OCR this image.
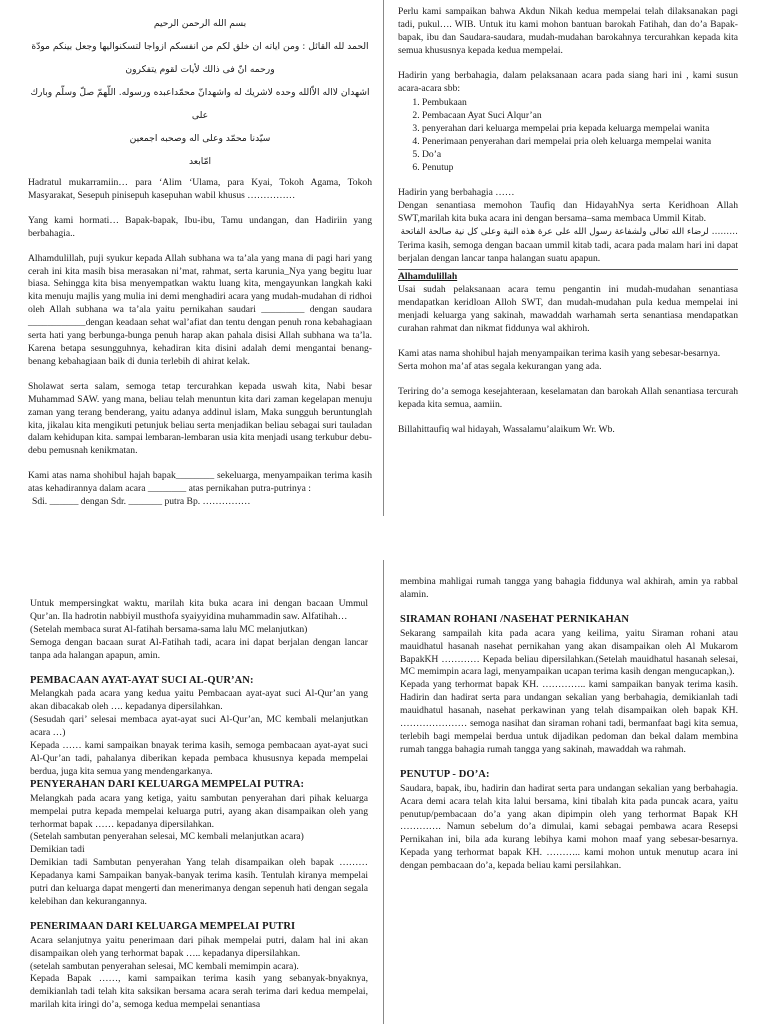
بسم الله الرحمن الرحيم
الحمد لله القائل : ومن اياته ان خلق لكم من انفسكم ازواجا لتسكنواليها وجعل بينكم مودّة
ورحمه انّ فى ذالك لأيات لقوم يتفكرون
اشهدان لااله الاّالله وحده لاشريك له واشهدانّ محمّداعبده ورسوله. اللّهمّ صلّ وسلّم وبارك على
سيّدنا محمّد وعلى اله وصحبه اجمعين
امّابعد

Hadratul mukarramiin… para ‘Alim ‘Ulama, para Kyai, Tokoh Agama, Tokoh Masyarakat, Sesepuh pinisepuh kasepuhan wabil khusus ……………

Yang kami hormati… Bapak-bapak, Ibu-ibu, Tamu undangan, dan Hadiriin yang berbahagia..

Alhamdulillah, puji syukur kepada Allah subhana wa ta’ala yang mana di pagi hari yang cerah ini kita masih bisa merasakan ni’mat, rahmat, serta karunia_Nya yang begitu luar biasa. Sehingga kita bisa menyempatkan waktu luang kita, mengayunkan langkah kaki kita menuju majlis yang mulia ini demi menghadiri acara yang mudah-mudahan di ridhoi oleh Allah subhana wa ta’ala yaitu pernikahan saudari _________ dengan saudara ____________dengan keadaan sehat wal’afiat dan tentu dengan penuh rona kebahagiaan serta hati yang berbunga-bunga penuh harap akan pahala disisi Allah subhana wa ta’la. Karena betapa sesungguhnya, kehadiran kita disini adalah demi mengantai benang-benang kebahagiaan baik di dunia terlebih di ahirat kelak.

Sholawat serta salam, semoga tetap tercurahkan kepada uswah kita, Nabi besar Muhammad SAW. yang mana, beliau telah menuntun kita dari zaman kegelapan menuju zaman yang terang benderang, yaitu adanya addinul islam, Maka sungguh beruntunglah kita, jikalau kita mengikuti petunjuk beliau serta menjadikan beliau sebagai suri tauladan dalam kehidupan kita. sampai lembaran-lembaran usia kita menjadi usang terkubur debu-debu pemusnah kenikmatan.

Kami atas nama shohibul hajah bapak________ sekeluarga, menyampaikan terima kasih atas kehadirannya dalam acara ________ atas pernikahan putra-putrinya :

Sdi. ______ dengan Sdr. _______ putra Bp. ……………

Perlu kami sampaikan bahwa Akdun Nikah kedua mempelai telah dilaksanakan pagi tadi, pukul…. WIB. Untuk itu kami mohon bantuan barokah Fatihah, dan do’a Bapak-bapak, ibu dan Saudara-saudara, mudah-mudahan barokahnya tercurahkan kepada kita semua khususnya kepada kedua mempelai.

Hadirin yang berbahagia, dalam pelaksanaan acara pada siang hari ini , kami susun acara-acara sbb:

1. Pembukaan
2. Pembacaan Ayat Suci Alqur’an
3. penyerahan dari keluarga mempelai pria kepada keluarga mempelai wanita
4. Penerimaan penyerahan dari mempelai pria oleh keluarga mempelai wanita
5. Do’a
6. Penutup

Hadirin yang berbahagia ……

Dengan senantiasa memohon Taufiq dan HidayahNya serta Keridhoan Allah SWT,marilah kita buka acara ini dengan bersama–sama membaca Ummil Kitab.

……… لرضاء الله تعالى ولشفاعة رسول الله على عرة هذه النية وعلى كل نية صالحة الفاتحة

Terima kasih, semoga dengan bacaan ummil kitab tadi, acara pada malam hari ini dapat berjalan dengan lancar tanpa halangan suatu apapun.

Alhamdulillah

Usai sudah pelaksanaan acara temu pengantin ini mudah-mudahan senantiasa mendapatkan keridloan Alloh SWT, dan mudah-mudahan pula kedua mempelai ini menjadi keluarga yang sakinah, mawaddah warhamah serta senantiasa mendapatkan curahan rahmat dan nikmat fiddunya wal akhiroh.

Kami atas nama shohibul hajah menyampaikan terima kasih yang sebesar-besarnya.

Serta mohon ma’af atas segala kekurangan yang ada.

Teriring do’a semoga kesejahteraan, keselamatan dan barokah Allah senantiasa tercurah kepada kita semua, aamiin.

Billahittaufiq wal hidayah, Wassalamu’alaikum Wr. Wb.

Untuk mempersingkat waktu, marilah kita buka acara ini dengan bacaan Ummul Qur’an. Ila hadrotin nabbiyil musthofa syaiyyidina muhammadin saw. Alfatihah…

(Setelah membaca surat Al-fatihah bersama-sama lalu MC melanjutkan)

Semoga dengan bacaan surat Al-Fatihah tadi, acara ini dapat berjalan dengan lancar tanpa ada halangan apapun, amin.

PEMBACAAN AYAT-AYAT SUCI AL-QUR’AN:

Melangkah pada acara yang kedua yaitu Pembacaan ayat-ayat suci Al-Qur’an yang akan dibacakab oleh …. kepadanya dipersilahkan.

(Sesudah qari’ selesai membaca ayat-ayat suci Al-Qur’an, MC kembali melanjutkan acara …)

Kepada …… kami sampaikan bnayak terima kasih, semoga pembacaan ayat-ayat suci Al-Qur’an tadi, pahalanya diberikan kepada pembaca khususnya kepada mempelai berdua, juga kita semua yang mendengarkanya.

PENYERAHAN DARI KELUARGA MEMPELAI PUTRA:

Melangkah pada acara yang ketiga, yaitu sambutan penyerahan dari pihak keluarga mempelai putra kepada mempelai keluarga putri, ayang akan disampaikan oleh yang terhormat bapak …… kepadanya dipersilahkan.

(Setelah sambutan penyerahan selesai, MC kembali melanjutkan acara)

Demikian tadi

Demikian tadi Sambutan penyerahan Yang telah disampaikan oleh bapak ……… Kepadanya kami Sampaikan banyak-banyak terima kasih. Tentulah kiranya mempelai putri dan keluarga dapat mengerti dan menerimanya dengan sepenuh hati dengan segala kelebihan dan kekurangannya.

PENERIMAAN DARI KELUARGA MEMPELAI PUTRI

Acara selanjutnya yaitu penerimaan dari pihak mempelai putri, dalam hal ini akan disampaikan oleh yang terhormat bapak ….. kepadanya dipersilahkan.

(setelah sambutan penyerahan selesai, MC kembali memimpin acara).

Kepada Bapak ……, kami sampaikan terima kasih yang sebanyak-bnyaknya, demikianlah tadi telah kita saksikan bersama acara serah terima dari kedua mempelai, marilah kita iringi do’a, semoga kedua mempelai senantiasa

membina mahligai rumah tangga yang bahagia fiddunya wal akhirah, amin ya rabbal alamin.

SIRAMAN ROHANI /NASEHAT PERNIKAHAN

Sekarang sampailah kita pada acara yang keilima, yaitu Siraman rohani atau mauidhatul hasanah nasehat pernikahan yang akan disampaikan oleh Al Mukarom BapakKH ………… Kepada beliau dipersilahkan.(Setelah mauidhatul hasanah selesai, MC memimpin acara lagi, menyampaikan ucapan terima kasih dengan mengucapkan,).

Kepada yang terhormat bapak KH. ………….. kami sampaikan banyak terima kasih. Hadirin dan hadirat serta para undangan sekalian yang berbahagia, demikianlah tadi mauidhatul hasanah, nasehat perkawinan yang telah disampaikan oleh bapak KH. ………………… semoga nasihat dan siraman rohani tadi, bermanfaat bagi kita semua, terlebih bagi mempelai berdua untuk dijadikan pedoman dan bekal dalam membina rumah tangga bahagia rumah tangga yang sakinah, mawaddah wa rahmah.

PENUTUP - DO’A:

Saudara, bapak, ibu, hadirin dan hadirat serta para undangan sekalian yang berbahagia. Acara demi acara telah kita lalui bersama, kini tibalah kita pada puncak acara, yaitu penutup/pembacaan do’a yang akan dipimpin oleh yang terhormat Bapak KH …………. Namun sebelum do’a dimulai, kami sebagai pembawa acara Resepsi Pernikahan ini, bila ada kurang lebihya kami mohon maaf yang sebesar-besarnya. Kepada yang terhormat bapak KH. ……….. kami mohon untuk menutup acara ini dengan pembacaan do’a, kepada beliau kami persilahkan.
